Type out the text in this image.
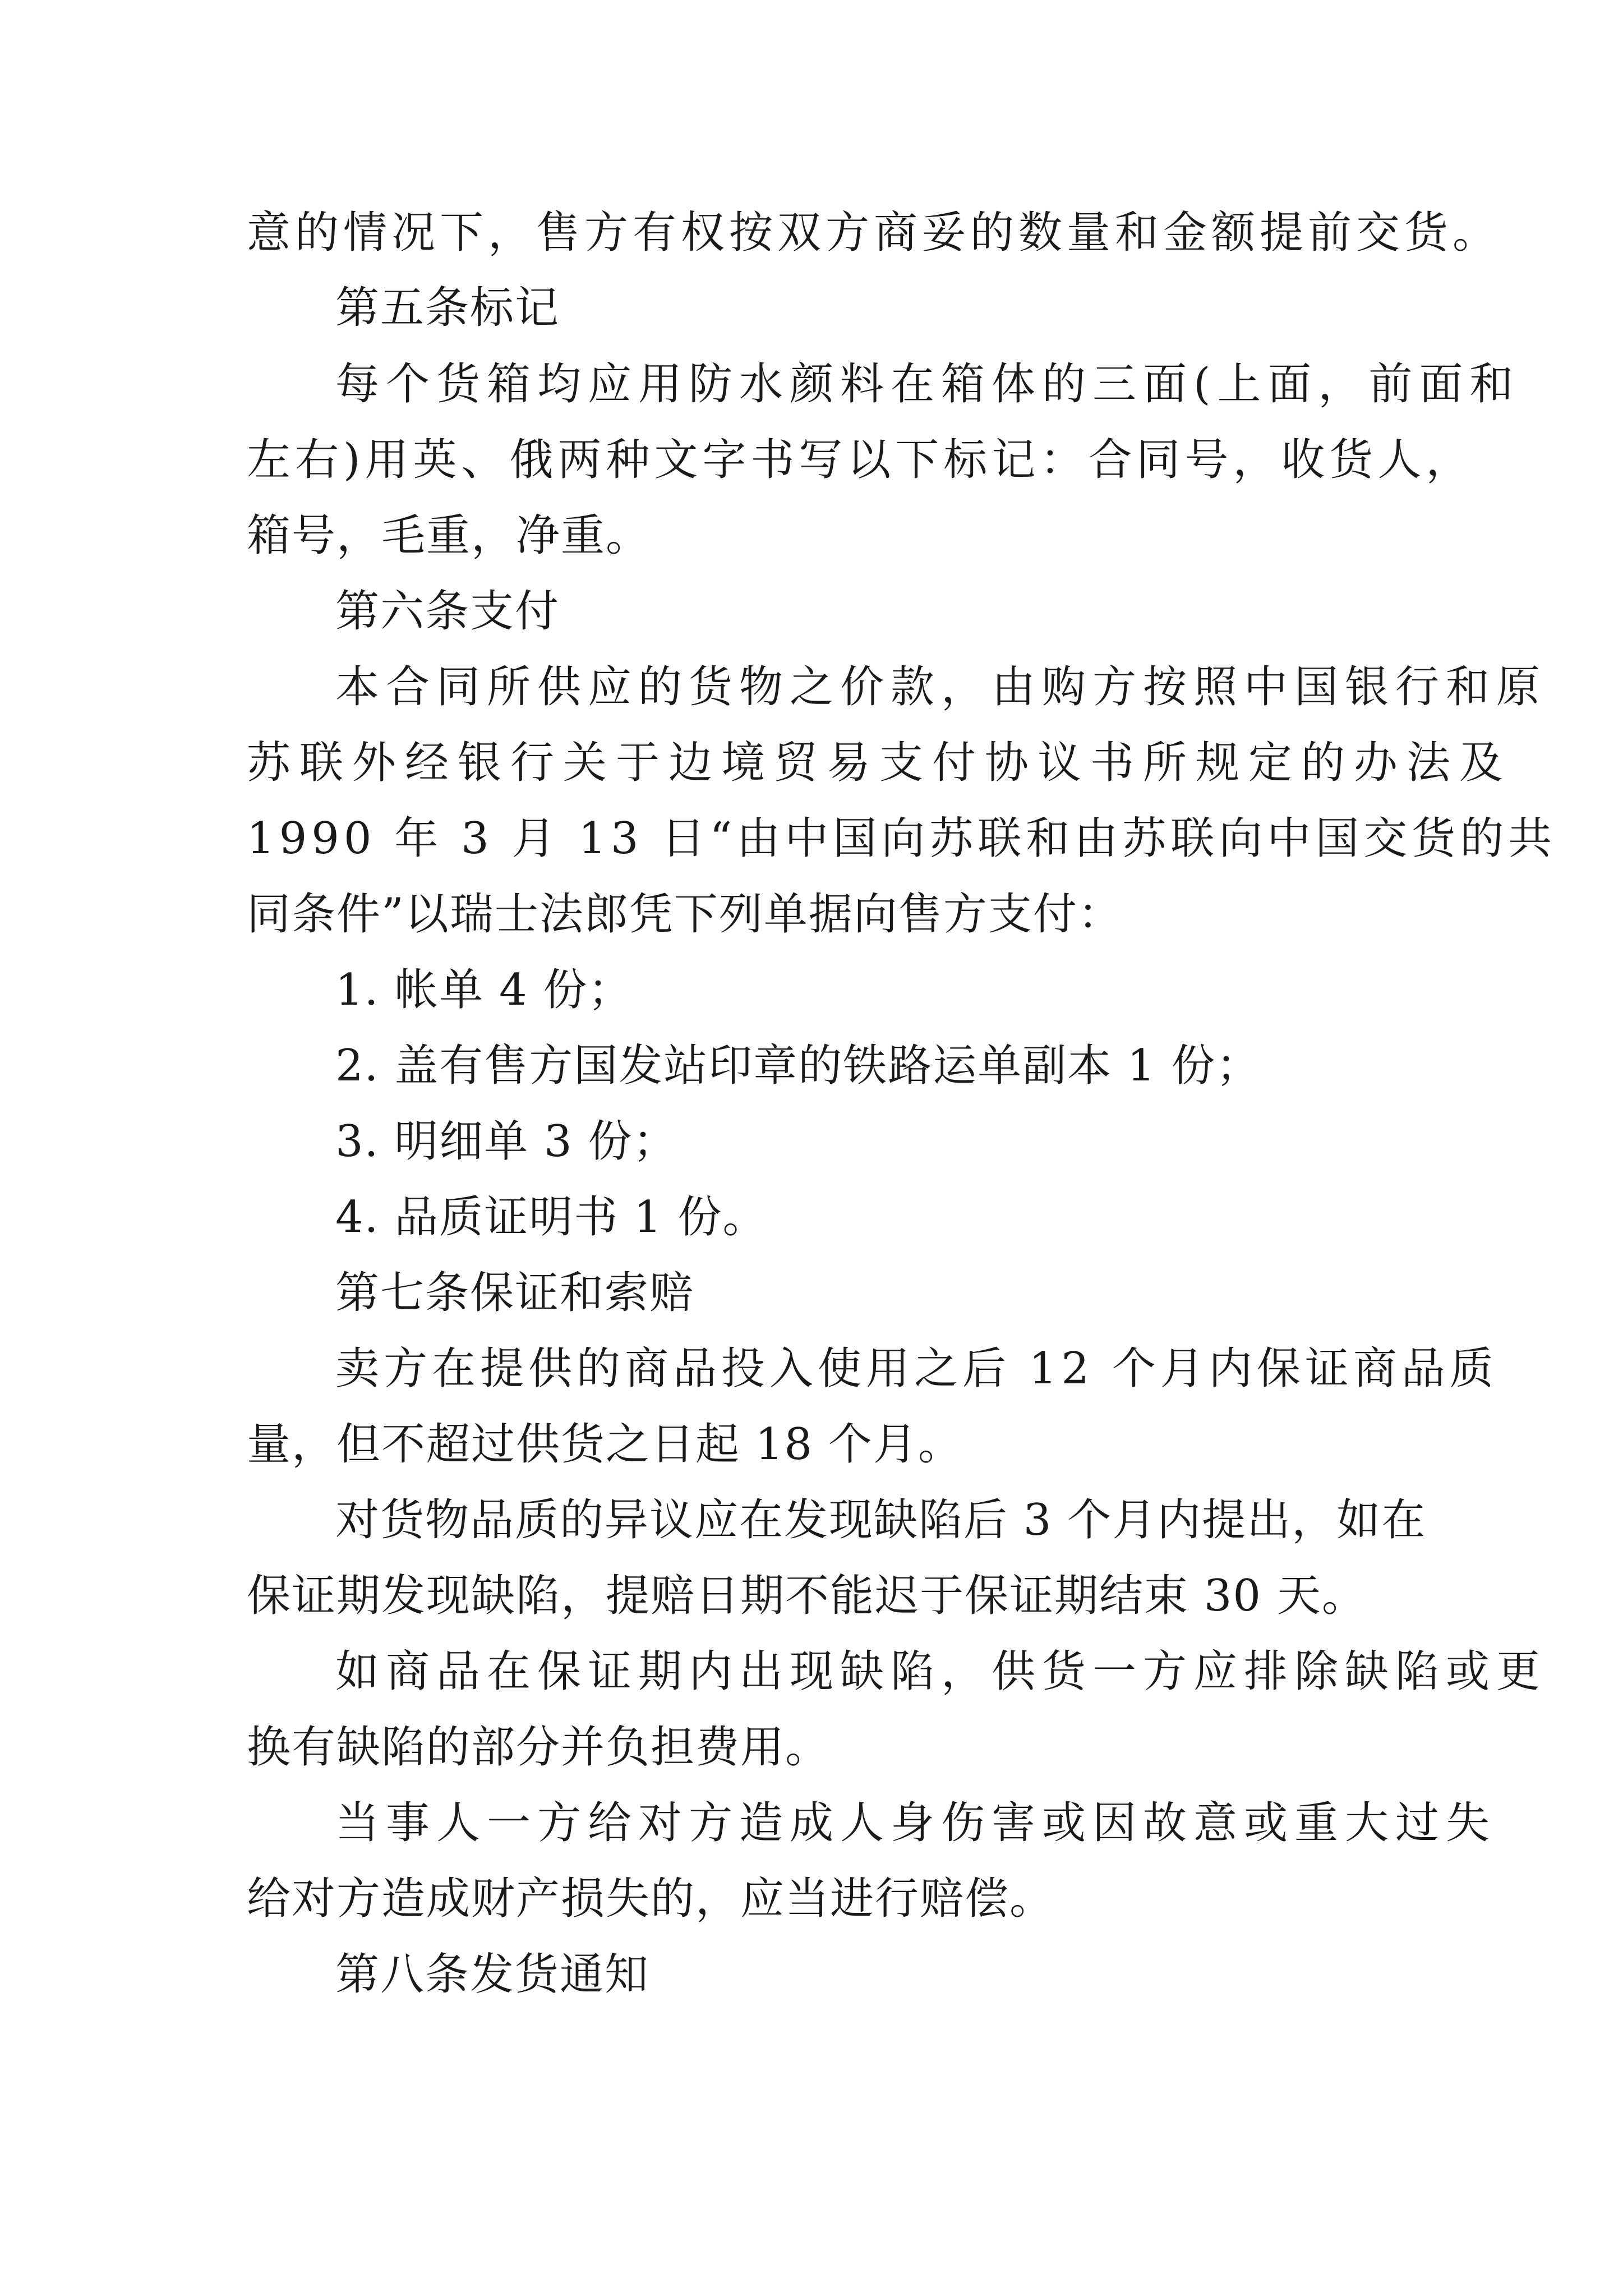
意的情况下，售方有权按双方商妥的数量和金额提前交货。
第五条标记
每个货箱均应用防水颜料在箱体的三面(上面，前面和
左右)用英、俄两种文字书写以下标记：合同号，收货人，
箱号，毛重，净重。
第六条支付
本合同所供应的货物之价款，由购方按照中国银行和原
苏联外经银行关于边境贸易支付协议书所规定的办法及
1990 年 3 月 13 日“由中国向苏联和由苏联向中国交货的共
同条件”以瑞士法郎凭下列单据向售方支付：
1. 帐单 4 份；
2. 盖有售方国发站印章的铁路运单副本 1 份；
3. 明细单 3 份；
4. 品质证明书 1 份。
第七条保证和索赔
卖方在提供的商品投入使用之后 12 个月内保证商品质
量，但不超过供货之日起 18 个月。
对货物品质的异议应在发现缺陷后 3 个月内提出，如在
保证期发现缺陷，提赔日期不能迟于保证期结束 30 天。
如商品在保证期内出现缺陷，供货一方应排除缺陷或更
换有缺陷的部分并负担费用。
当事人一方给对方造成人身伤害或因故意或重大过失
给对方造成财产损失的，应当进行赔偿。
第八条发货通知
